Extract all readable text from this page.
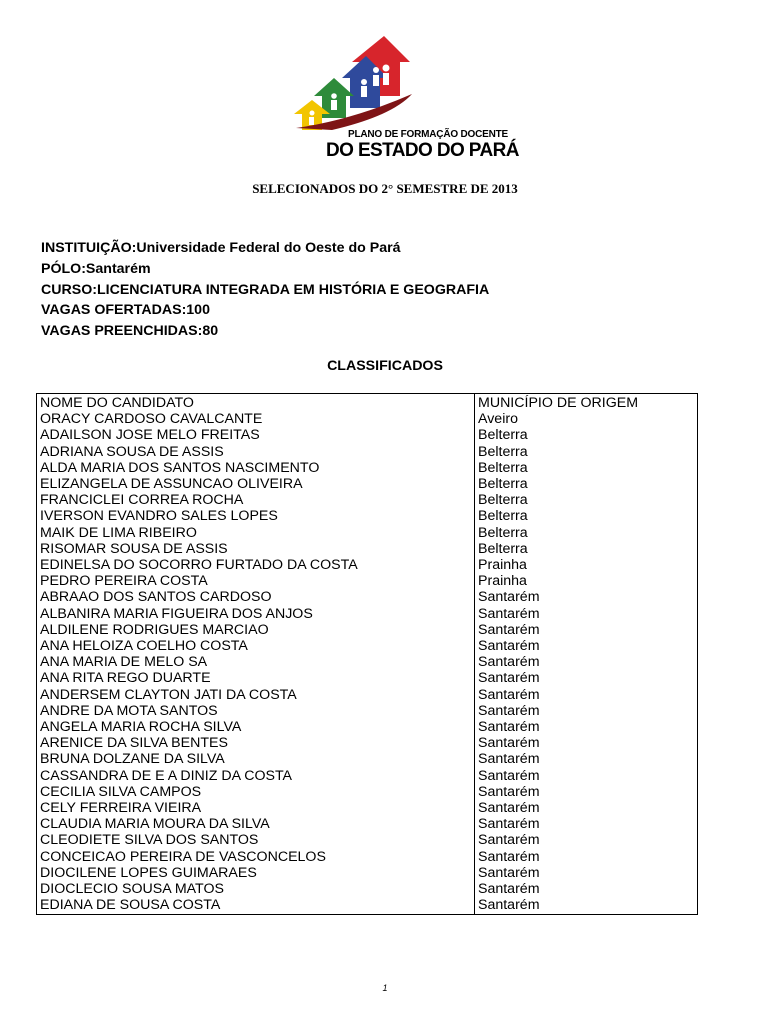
PLANO DE FORMAÇÃO DOCENTE
DO ESTADO DO PARÁ
SELECIONADOS DO 2° SEMESTRE DE 2013
INSTITUIÇÃO:Universidade Federal do Oeste do Pará
PÓLO:Santarém
CURSO:LICENCIATURA INTEGRADA EM HISTÓRIA E GEOGRAFIA
VAGAS OFERTADAS:100
VAGAS PREENCHIDAS:80
CLASSIFICADOS
NOME DO CANDIDATO	MUNICÍPIO DE ORIGEM
ORACY CARDOSO CAVALCANTE	Aveiro
ADAILSON JOSE MELO FREITAS	Belterra
ADRIANA SOUSA DE ASSIS	Belterra
ALDA MARIA DOS SANTOS NASCIMENTO	Belterra
ELIZANGELA DE ASSUNCAO OLIVEIRA	Belterra
FRANCICLEI CORREA ROCHA	Belterra
IVERSON EVANDRO SALES LOPES	Belterra
MAIK DE LIMA RIBEIRO	Belterra
RISOMAR SOUSA DE ASSIS	Belterra
EDINELSA DO SOCORRO FURTADO DA COSTA	Prainha
PEDRO PEREIRA COSTA	Prainha
ABRAAO DOS SANTOS CARDOSO	Santarém
ALBANIRA MARIA FIGUEIRA DOS ANJOS	Santarém
ALDILENE RODRIGUES MARCIAO	Santarém
ANA HELOIZA COELHO COSTA	Santarém
ANA MARIA DE MELO SA	Santarém
ANA RITA REGO DUARTE	Santarém
ANDERSEM CLAYTON JATI DA COSTA	Santarém
ANDRE DA MOTA SANTOS	Santarém
ANGELA MARIA ROCHA SILVA	Santarém
ARENICE DA SILVA BENTES	Santarém
BRUNA DOLZANE DA SILVA	Santarém
CASSANDRA DE E A DINIZ DA COSTA	Santarém
CECILIA SILVA CAMPOS	Santarém
CELY FERREIRA VIEIRA	Santarém
CLAUDIA MARIA MOURA DA SILVA	Santarém
CLEODIETE SILVA DOS SANTOS	Santarém
CONCEICAO PEREIRA DE VASCONCELOS	Santarém
DIOCILENE LOPES GUIMARAES	Santarém
DIOCLECIO SOUSA MATOS	Santarém
EDIANA DE SOUSA COSTA	Santarém
1
